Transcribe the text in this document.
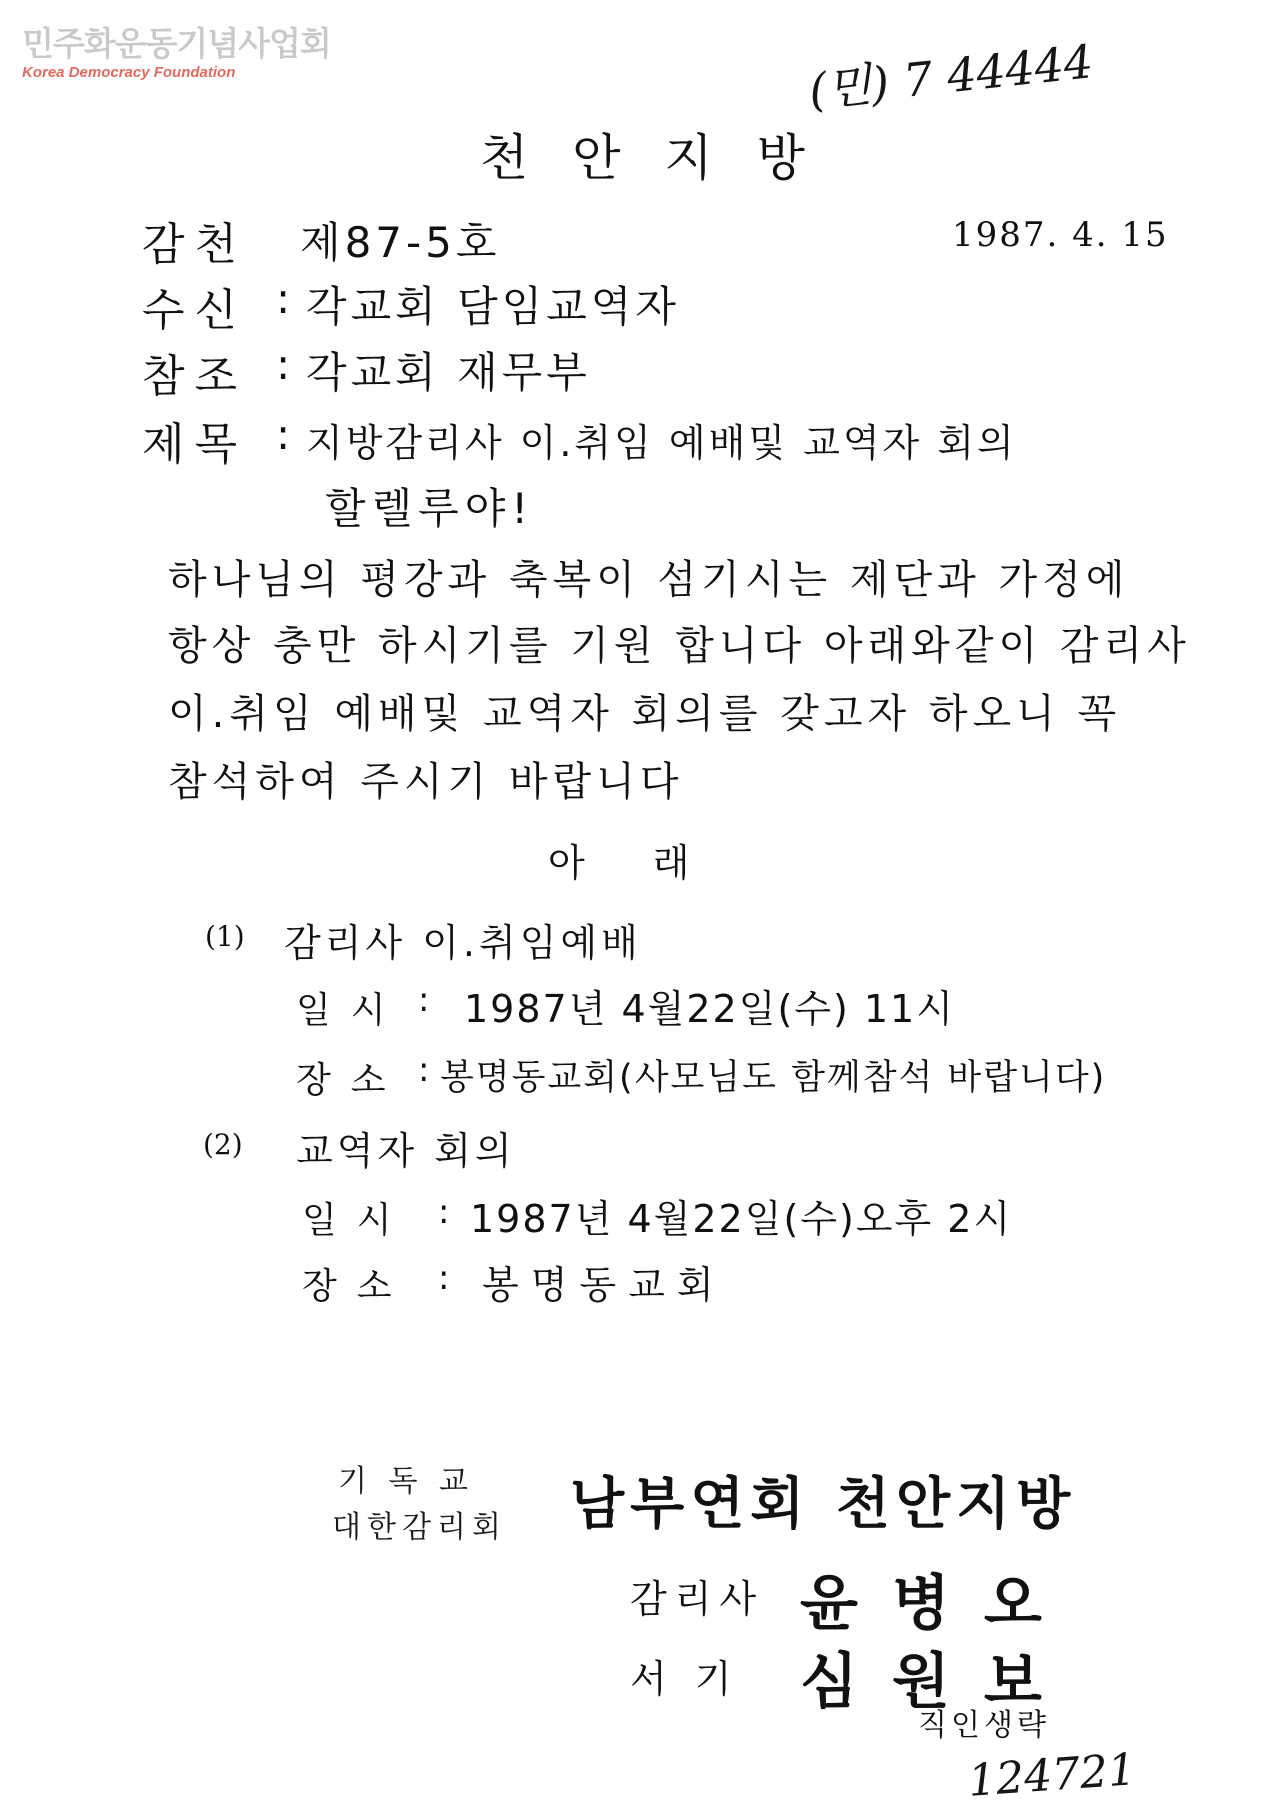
민주화운동기념사업회
Korea Democracy Foundation	(민) 7 44444
천 안 지 방
감천 제87-5호	1987. 4. 15
수신 : 각교회 담임교역자
참조 : 각교회 재무부
제목 : 지방감리사 이.취임 예배및 교역자 회의
할렐루야!
하나님의 평강과 축복이 섬기시는 제단과 가정에
항상 충만 하시기를 기원 합니다 아래와같이 감리사
이.취임 예배및 교역자 회의를 갖고자 하오니 꼭
참석하여 주시기 바랍니다
아 래
(1) 감리사 이.취임예배
일시 : 1987년 4월22일(수) 11시
장소 : 봉명동교회(사모님도 함께참석 바랍니다)
(2) 교역자 회의
일시 : 1987년 4월22일(수)오후 2시
장소 : 봉명동교회
기 독 교
대한감리회 남부연회 천안지방
감리사 윤병오
서 기 심원보
직인생략
124721
